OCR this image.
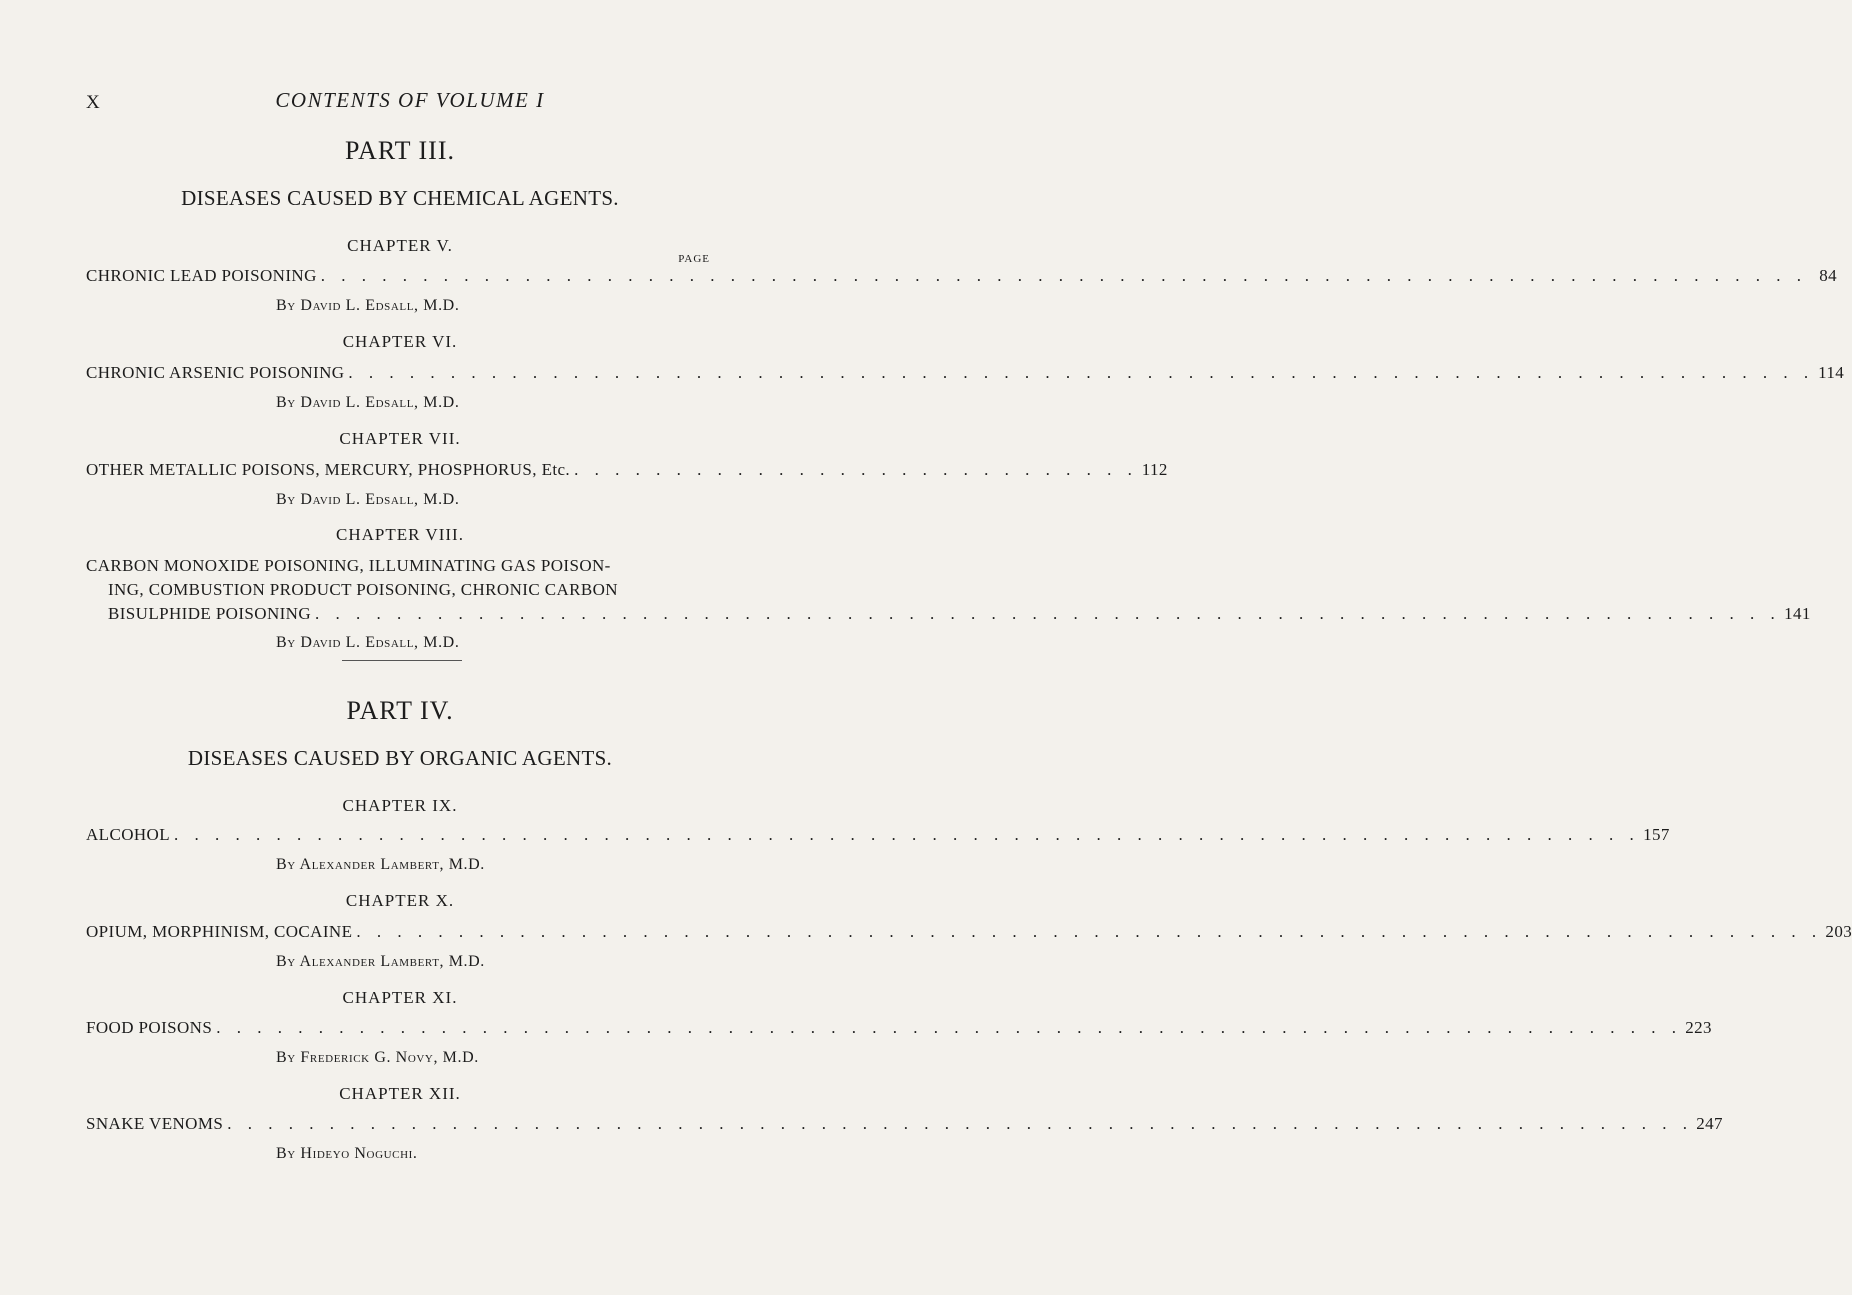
X	CONTENTS OF VOLUME I
PART III.
DISEASES CAUSED BY CHEMICAL AGENTS.
CHAPTER V.
PAGE
CHRONIC LEAD POISONING . . . . . . . . . . . . . . . . . . . . . . . . . . . . . . . . . . . . . . . . . . . . . . . . . . . . . . . . . . . . . . . . . . . . . . . . . 84
By David L. Edsall, M.D.
CHAPTER VI.
CHRONIC ARSENIC POISONING . . . . . . . . . . . . . . . . . . . . . . . . . . . . . . . . . . . . . . . . . . . . . . . . . . . . . . . . . . . . . . . . . . . . . . . . 114
By David L. Edsall, M.D.
CHAPTER VII.
OTHER METALLIC POISONS, MERCURY, PHOSPHORUS, Etc. . . . . . . . . . . . . . . . . . . . . . . . . . . . . 112
By David L. Edsall, M.D.
CHAPTER VIII.
CARBON MONOXIDE POISONING, ILLUMINATING GAS POISON-
ING, COMBUSTION PRODUCT POISONING, CHRONIC CARBON
BISULPHIDE POISONING . . . . . . . . . . . . . . . . . . . . . . . . . . . . . . . . . . . . . . . . . . . . . . . . . . . . . . . . . . . . . . . . . . . . . . . . 141
By David L. Edsall, M.D.
PART IV.
DISEASES CAUSED BY ORGANIC AGENTS.
CHAPTER IX.
ALCOHOL . . . . . . . . . . . . . . . . . . . . . . . . . . . . . . . . . . . . . . . . . . . . . . . . . . . . . . . . . . . . . . . . . . . . . . . . 157
By Alexander Lambert, M.D.
CHAPTER X.
OPIUM, MORPHINISM, COCAINE . . . . . . . . . . . . . . . . . . . . . . . . . . . . . . . . . . . . . . . . . . . . . . . . . . . . . . . . . . . . . . . . . . . . . . . . 203
By Alexander Lambert, M.D.
CHAPTER XI.
FOOD POISONS . . . . . . . . . . . . . . . . . . . . . . . . . . . . . . . . . . . . . . . . . . . . . . . . . . . . . . . . . . . . . . . . . . . . . . . . 223
By Frederick G. Novy, M.D.
CHAPTER XII.
SNAKE VENOMS . . . . . . . . . . . . . . . . . . . . . . . . . . . . . . . . . . . . . . . . . . . . . . . . . . . . . . . . . . . . . . . . . . . . . . . . 247
By Hideyo Noguchi.
